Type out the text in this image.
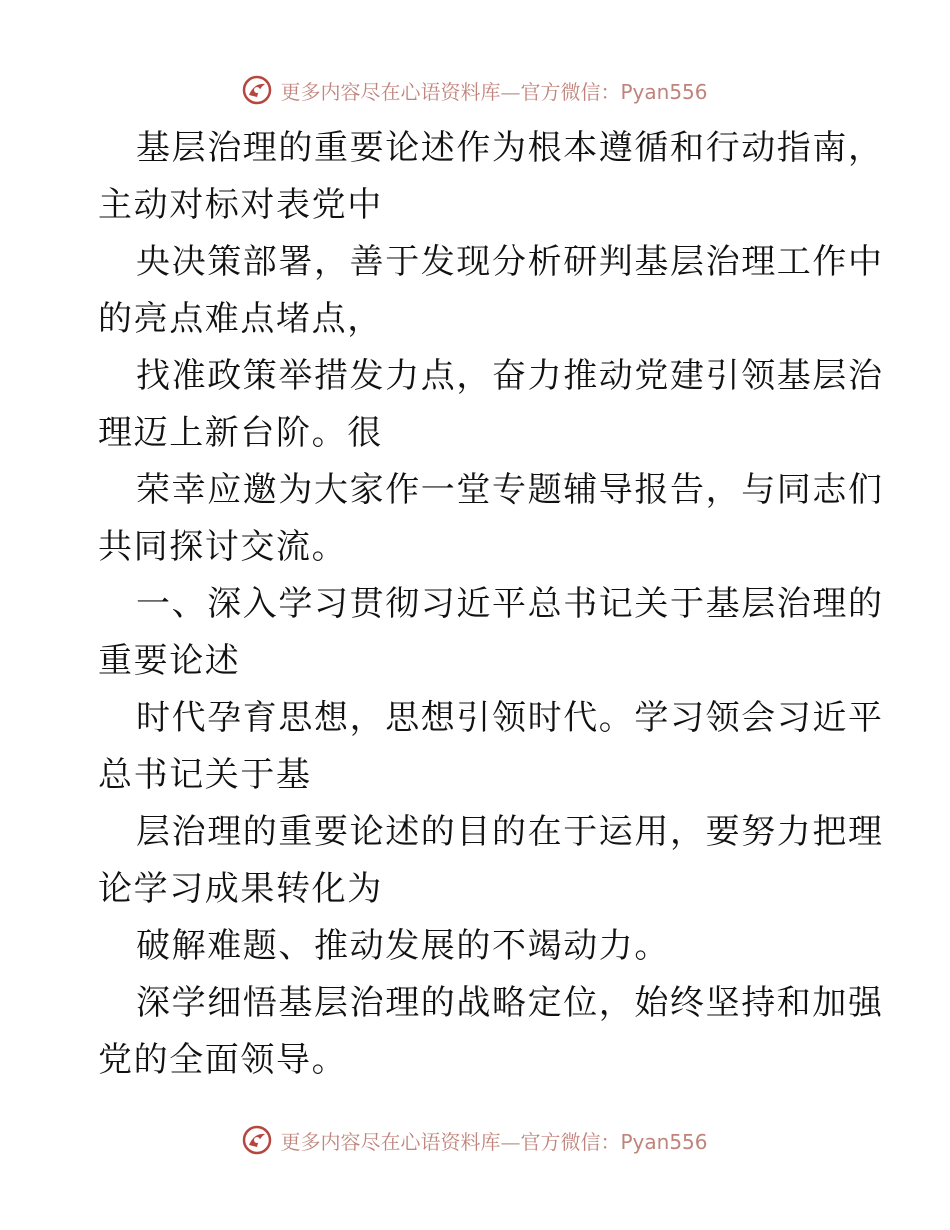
更多内容尽在心语资料库—官方微信：Pyan556
基层治理的重要论述作为根本遵循和行动指南，
主动对标对表党中
央决策部署，善于发现分析研判基层治理工作中
的亮点难点堵点，
找准政策举措发力点，奋力推动党建引领基层治
理迈上新台阶。很
荣幸应邀为大家作一堂专题辅导报告，与同志们
共同探讨交流。
一、深入学习贯彻习近平总书记关于基层治理的
重要论述
时代孕育思想，思想引领时代。学习领会习近平
总书记关于基
层治理的重要论述的目的在于运用，要努力把理
论学习成果转化为
破解难题、推动发展的不竭动力。
深学细悟基层治理的战略定位，始终坚持和加强
党的全面领导。
更多内容尽在心语资料库—官方微信：Pyan556
